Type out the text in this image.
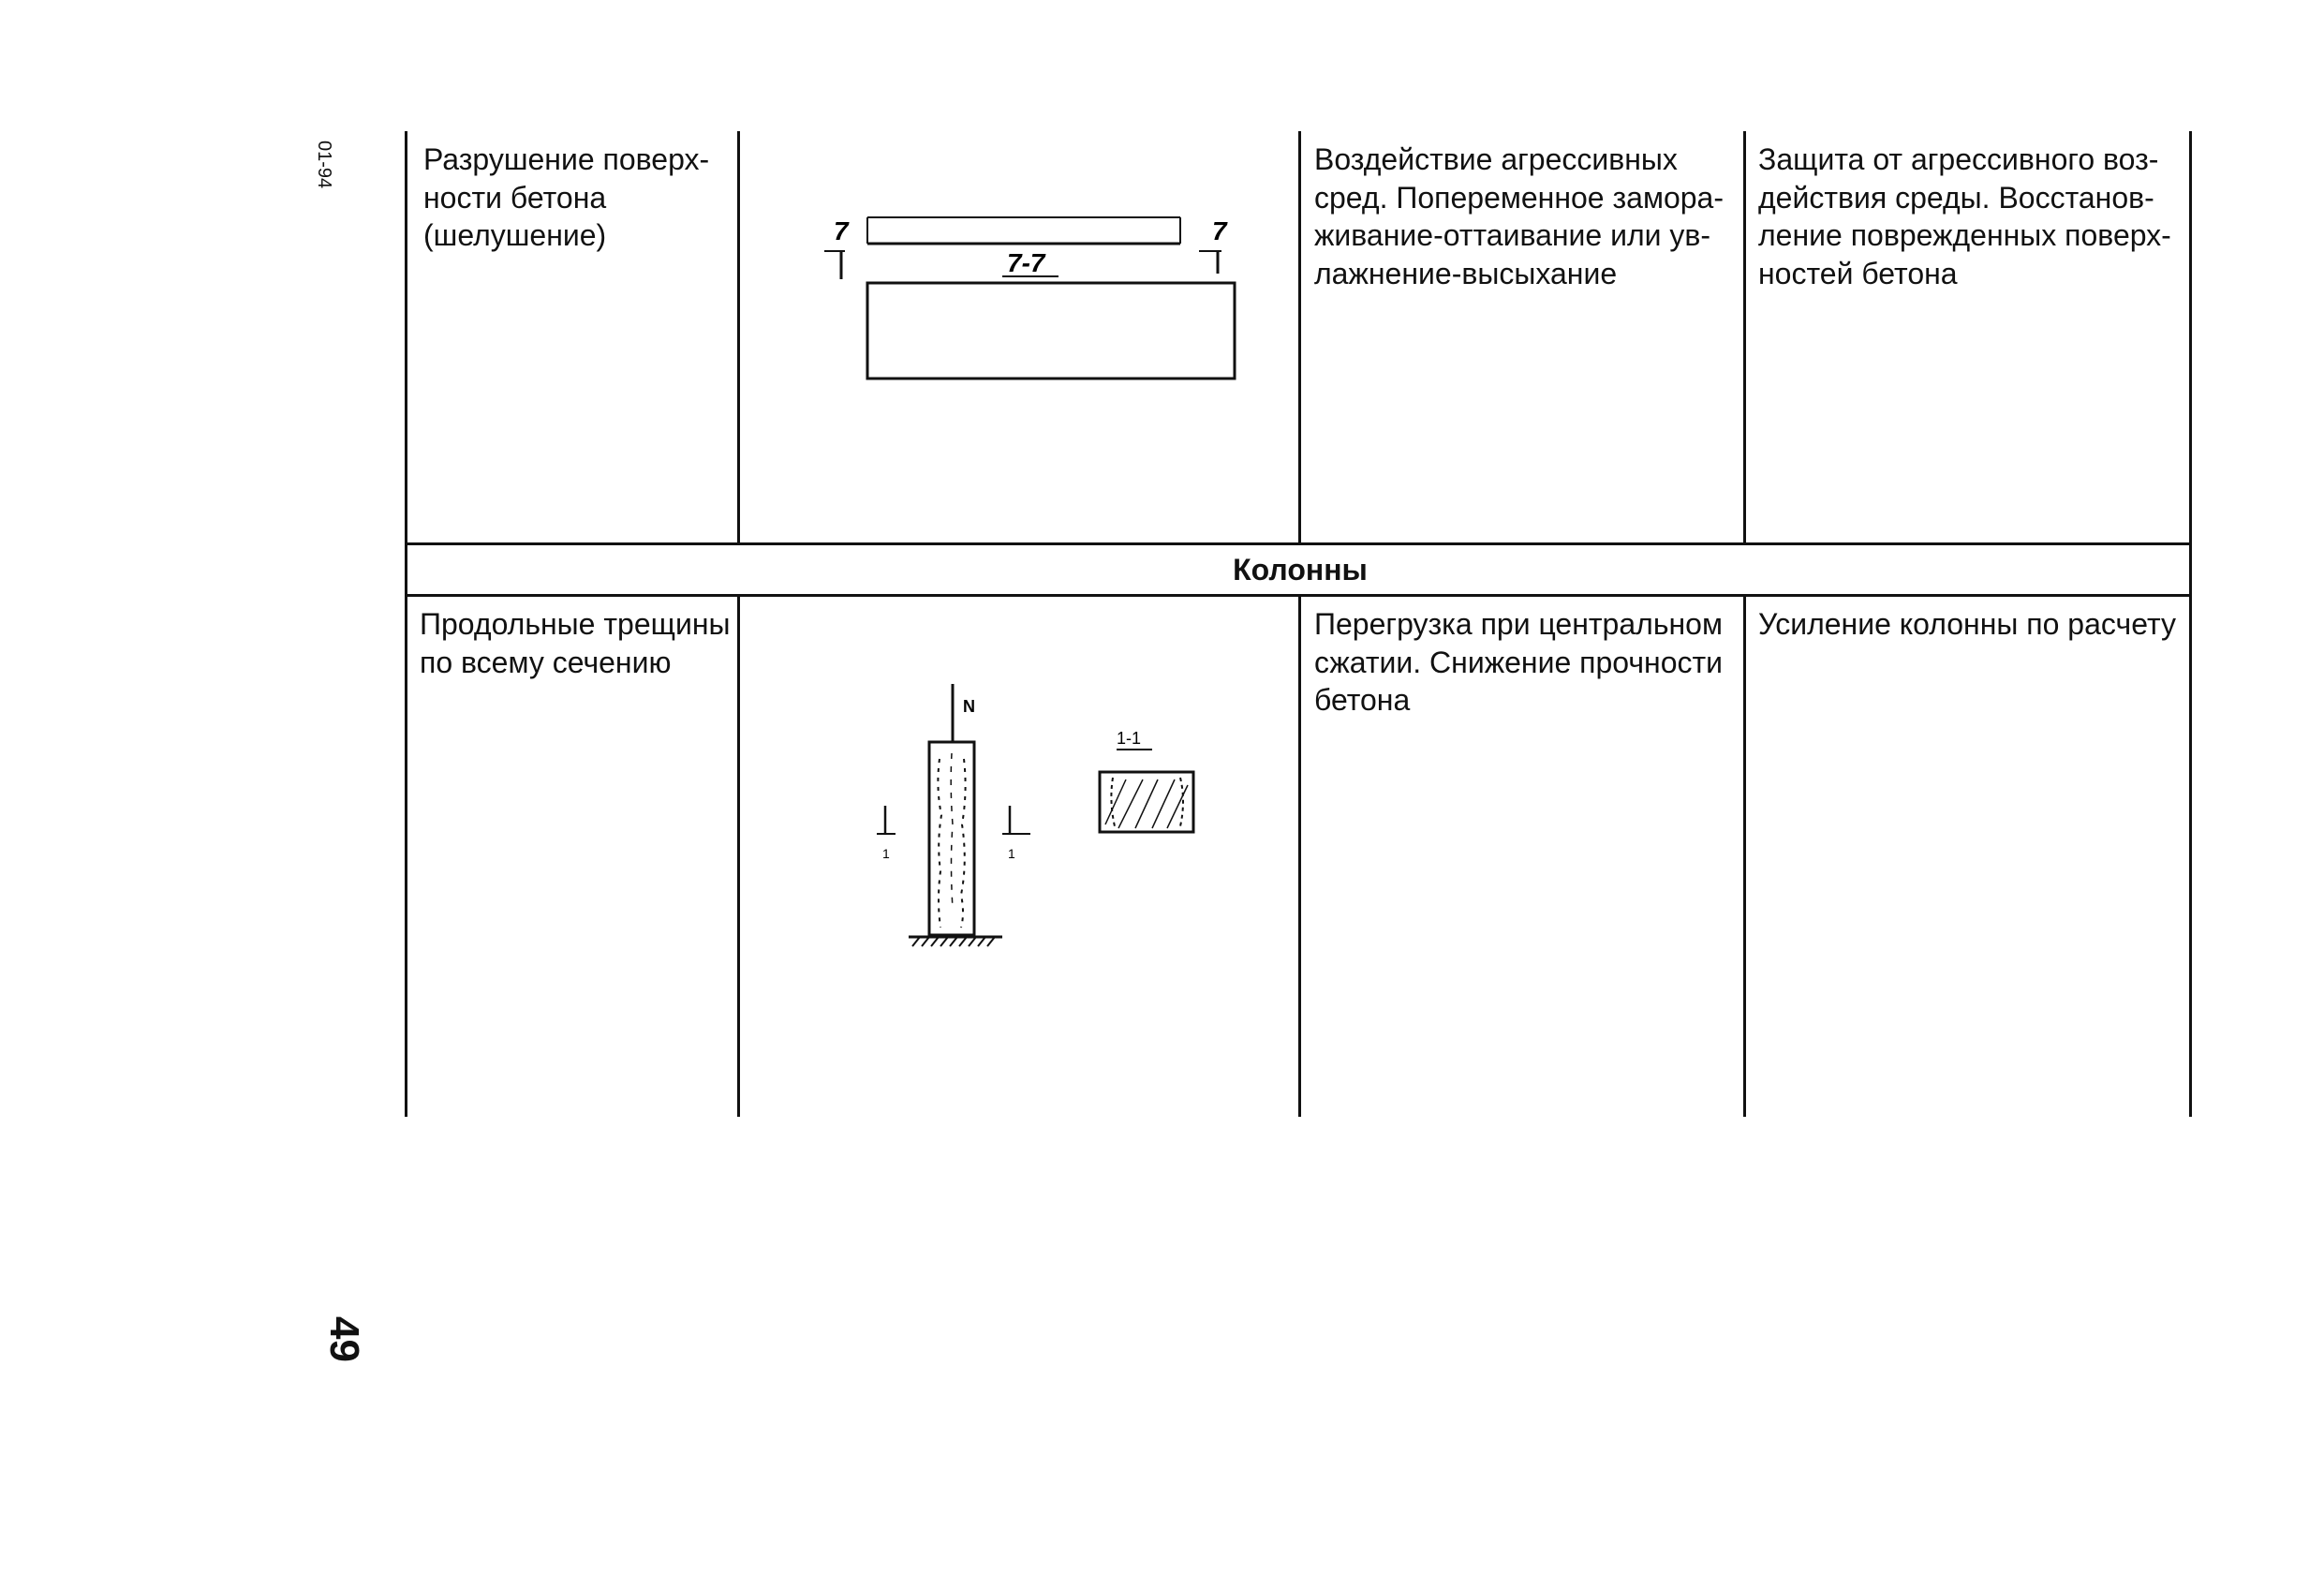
01-94
49
Разрушение поверх-
ности бетона
(шелушение)
Воздействие агрессивных
сред. Попеременное замора-
живание-оттаивание или ув-
лажнение-высыхание
Защита от агрессивного воз-
действия среды. Восстанов-
ление поврежденных поверх-
ностей бетона
Колонны
Продольные трещины
по всему сечению
Перегрузка при центральном
сжатии. Снижение прочности
бетона
Усиление колонны по расчету
7	7
7-7
N
1	1
1-1
